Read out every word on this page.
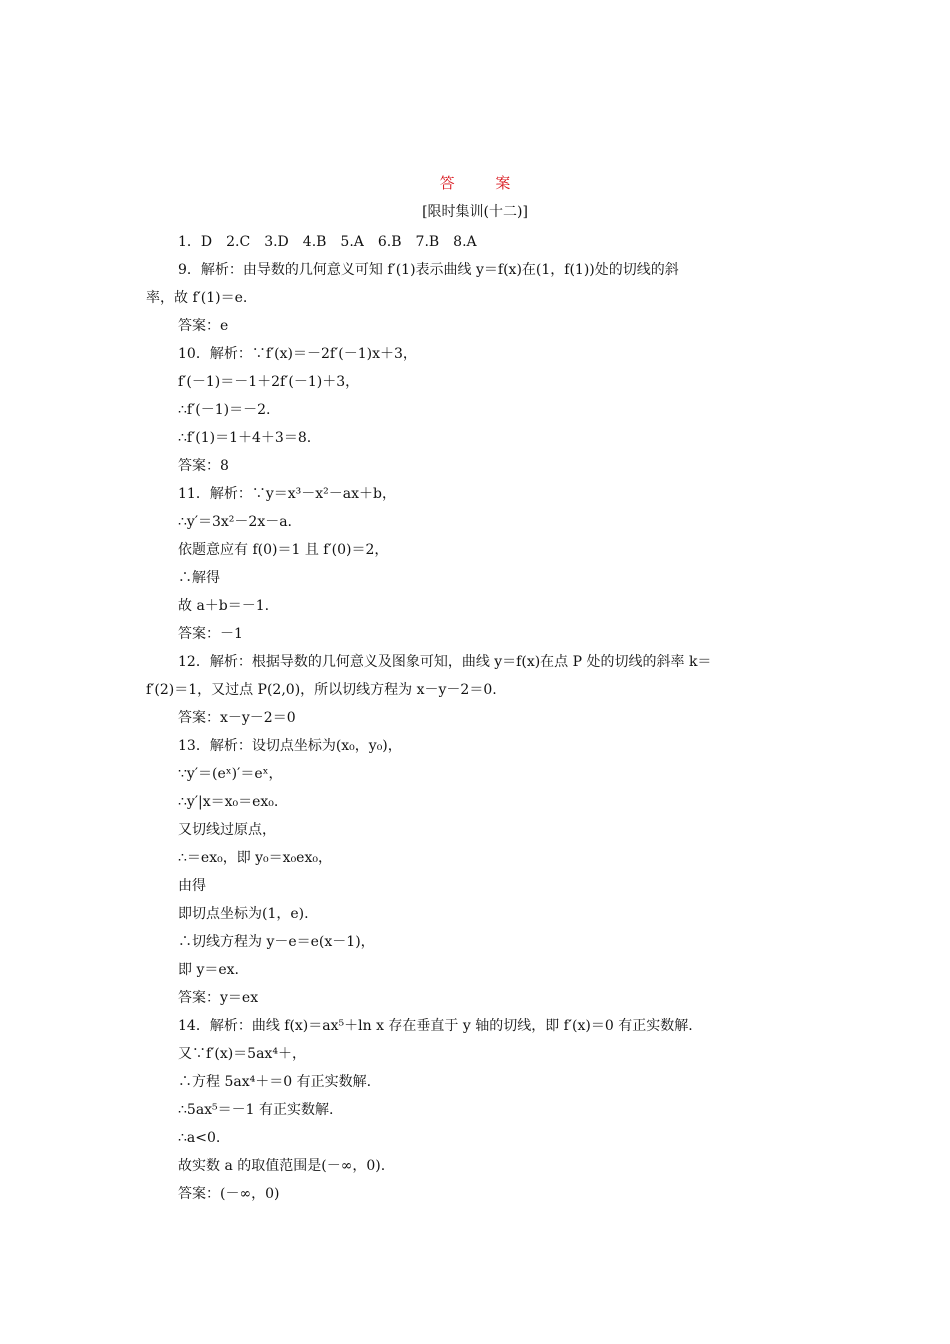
答 案
[限时集训(十二)]
1．D　2.C　3.D　4.B　5.A　6.B　7.B　8.A
9．解析：由导数的几何意义可知 f′(1)表示曲线 y＝f(x)在(1，f(1))处的切线的斜
率，故 f′(1)＝e.
答案：e
10．解析：∵f′(x)＝－2f′(－1)x＋3，
f′(－1)＝－1＋2f′(－1)＋3，
∴f′(－1)＝－2.
∴f′(1)＝1＋4＋3＝8.
答案：8
11．解析：∵y＝x³－x²－ax＋b，
∴y′＝3x²－2x－a.
依题意应有 f(0)＝1 且 f′(0)＝2，
∴解得
故 a＋b＝－1.
答案：－1
12．解析：根据导数的几何意义及图象可知，曲线 y＝f(x)在点 P 处的切线的斜率 k＝
f′(2)＝1，又过点 P(2,0)，所以切线方程为 x－y－2＝0.
答案：x－y－2＝0
13．解析：设切点坐标为(x₀，y₀)，
∵y′＝(eˣ)′＝eˣ，
∴y′|x＝x₀＝ex₀.
又切线过原点，
∴＝ex₀，即 y₀＝x₀ex₀，
由得
即切点坐标为(1，e).
∴切线方程为 y－e＝e(x－1)，
即 y＝ex.
答案：y＝ex
14．解析：曲线 f(x)＝ax⁵＋ln x 存在垂直于 y 轴的切线，即 f′(x)＝0 有正实数解.
又∵f′(x)＝5ax⁴＋，
∴方程 5ax⁴＋＝0 有正实数解.
∴5ax⁵＝－1 有正实数解.
∴a<0.
故实数 a 的取值范围是(－∞，0).
答案：(－∞，0)
